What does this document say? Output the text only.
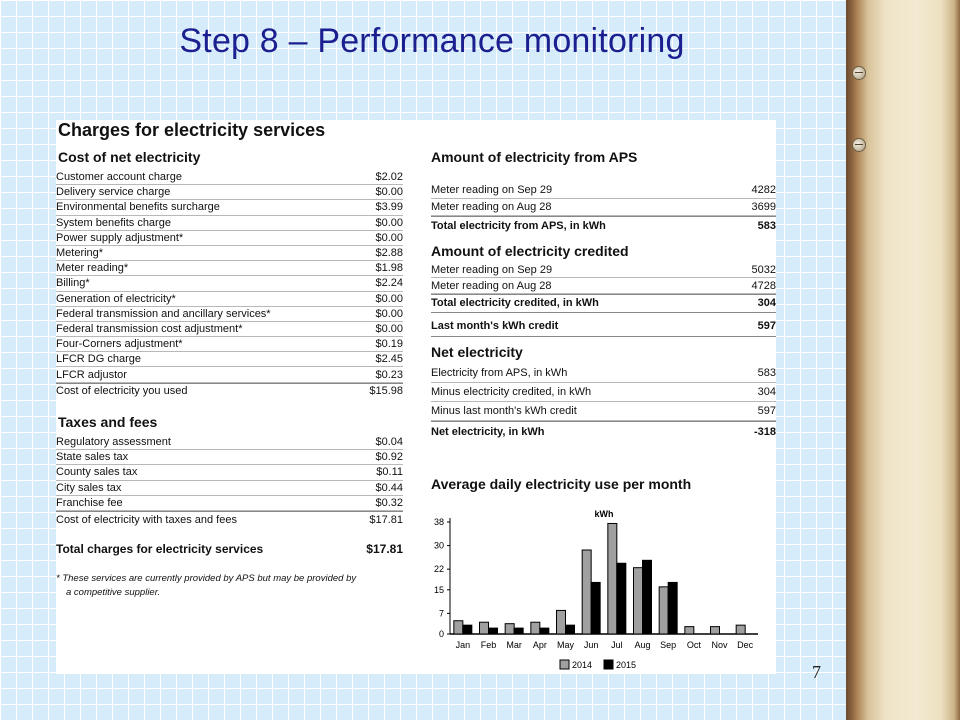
Step 8 – Performance monitoring
Charges for electricity services
Cost of net electricity
Customer account charge	$2.02
Delivery service charge	$0.00
Environmental benefits surcharge	$3.99
System benefits charge	$0.00
Power supply adjustment*	$0.00
Metering*	$2.88
Meter reading*	$1.98
Billing*	$2.24
Generation of electricity*	$0.00
Federal transmission and ancillary services*	$0.00
Federal transmission cost adjustment*	$0.00
Four-Corners adjustment*	$0.19
LFCR DG charge	$2.45
LFCR adjustor	$0.23
Cost of electricity you used	$15.98
Taxes and fees
Regulatory assessment	$0.04
State sales tax	$0.92
County sales tax	$0.11
City sales tax	$0.44
Franchise fee	$0.32
Cost of electricity with taxes and fees	$17.81
Total charges for electricity services	$17.81
* These services are currently provided by APS but may be provided by
a competitive supplier.
Amount of electricity from APS
Meter reading on Sep 29	4282
Meter reading on Aug 28	3699
Total electricity from APS, in kWh	583
Amount of electricity credited
Meter reading on Sep 29	5032
Meter reading on Aug 28	4728
Total electricity credited, in kWh	304
Last month's kWh credit	597
Net electricity
Electricity from APS, in kWh	583
Minus electricity credited, in kWh	304
Minus last month's kWh credit	597
Net electricity, in kWh	-318
Average daily electricity use per month
kWh
0
7
15
22
30
38
Jan Feb Mar Apr May Jun Jul Aug Sep Oct Nov Dec
2014	2015	7
